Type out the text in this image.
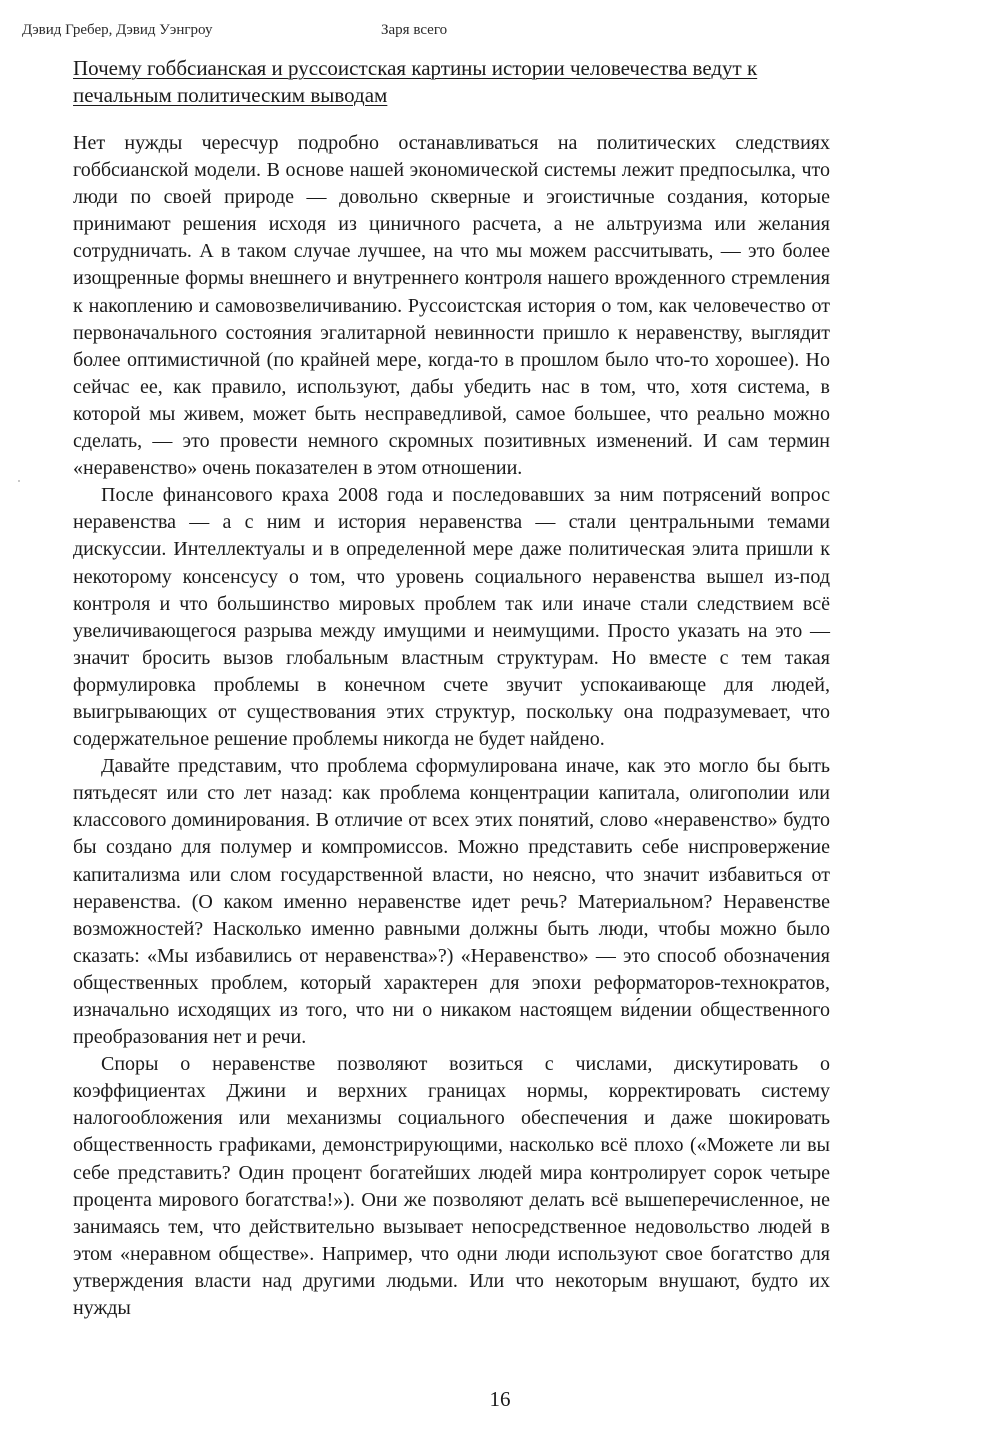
Дэвид Гребер, Дэвид Уэнгроу	Заря всего
Почему гоббсианская и руссоистская картины истории человечества ведут к печальным политическим выводам

Нет нужды чересчур подробно останавливаться на политических следствиях гоббсианской модели. В основе нашей экономической системы лежит предпосылка, что люди по своей природе — довольно скверные и эгоистичные создания, которые принимают решения исходя из циничного расчета, а не альтруизма или желания сотрудничать. А в таком случае лучшее, на что мы можем рассчитывать, — это более изощренные формы внешнего и внутреннего контроля нашего врожденного стремления к накоплению и самовозвеличиванию. Руссоистская история о том, как человечество от первоначального состояния эгалитарной невинности пришло к неравенству, выглядит более оптимистичной (по крайней мере, когда-то в прошлом было что-то хорошее). Но сейчас ее, как правило, используют, дабы убедить нас в том, что, хотя система, в которой мы живем, может быть несправедливой, самое большее, что реально можно сделать, — это провести немного скромных позитивных изменений. И сам термин «неравенство» очень показателен в этом отношении.

После финансового краха 2008 года и последовавших за ним потрясений вопрос неравенства — а с ним и история неравенства — стали центральными темами дискуссии. Интеллектуалы и в определенной мере даже политическая элита пришли к некоторому консенсусу о том, что уровень социального неравенства вышел из-под контроля и что большинство мировых проблем так или иначе стали следствием всё увеличивающегося разрыва между имущими и неимущими. Просто указать на это — значит бросить вызов глобальным властным структурам. Но вместе с тем такая формулировка проблемы в конечном счете звучит успокаивающе для людей, выигрывающих от существования этих структур, поскольку она подразумевает, что содержательное решение проблемы никогда не будет найдено.

Давайте представим, что проблема сформулирована иначе, как это могло бы быть пятьдесят или сто лет назад: как проблема концентрации капитала, олигополии или классового доминирования. В отличие от всех этих понятий, слово «неравенство» будто бы создано для полумер и компромиссов. Можно представить себе ниспровержение капитализма или слом государственной власти, но неясно, что значит избавиться от неравенства. (О каком именно неравенстве идет речь? Материальном? Неравенстве возможностей? Насколько именно равными должны быть люди, чтобы можно было сказать: «Мы избавились от неравенства»?) «Неравенство» — это способ обозначения общественных проблем, который характерен для эпохи реформаторов-технократов, изначально исходящих из того, что ни о никаком настоящем ви́дении общественного преобразования нет и речи.

Споры о неравенстве позволяют возиться с числами, дискутировать о коэффициентах Джини и верхних границах нормы, корректировать систему налогообложения или механизмы социального обеспечения и даже шокировать общественность графиками, демонстрирующими, насколько всё плохо («Можете ли вы себе представить? Один процент богатейших людей мира контролирует сорок четыре процента мирового богатства!»). Они же позволяют делать всё вышеперечисленное, не занимаясь тем, что действительно вызывает непосредственное недовольство людей в этом «неравном обществе». Например, что одни люди используют свое богатство для утверждения власти над другими людьми. Или что некоторым внушают, будто их нужды

16
